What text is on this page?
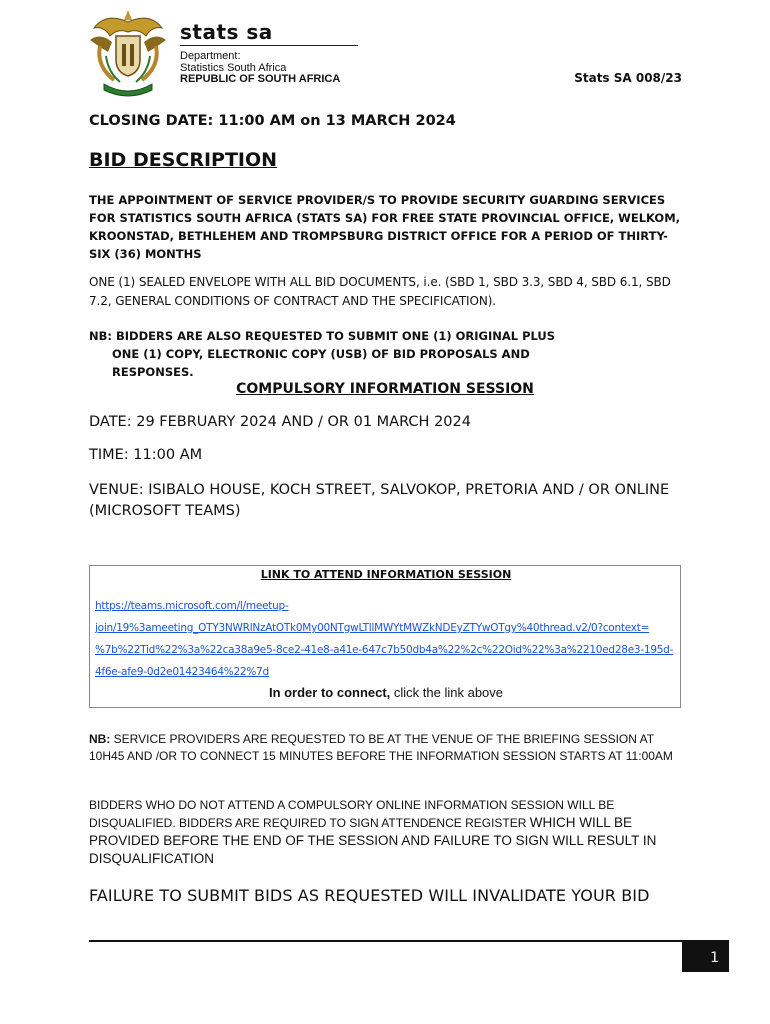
stats sa
Department:
Statistics South Africa
REPUBLIC OF SOUTH AFRICA	Stats SA 008/23
CLOSING DATE: 11:00 AM on 13 MARCH 2024
BID DESCRIPTION
THE APPOINTMENT OF SERVICE PROVIDER/S TO PROVIDE SECURITY GUARDING SERVICES FOR STATISTICS SOUTH AFRICA (STATS SA) FOR FREE STATE PROVINCIAL OFFICE, WELKOM, KROONSTAD, BETHLEHEM AND TROMPSBURG DISTRICT OFFICE FOR A PERIOD OF THIRTY-SIX (36) MONTHS
ONE (1) SEALED ENVELOPE WITH ALL BID DOCUMENTS, i.e. (SBD 1, SBD 3.3, SBD 4, SBD 6.1, SBD 7.2, GENERAL CONDITIONS OF CONTRACT AND THE SPECIFICATION).
NB: BIDDERS ARE ALSO REQUESTED TO SUBMIT ONE (1) ORIGINAL PLUS
ONE (1) COPY, ELECTRONIC COPY (USB) OF BID PROPOSALS AND
RESPONSES.
COMPULSORY INFORMATION SESSION
DATE: 29 FEBRUARY 2024 AND / OR 01 MARCH 2024
TIME: 11:00 AM
VENUE: ISIBALO HOUSE, KOCH STREET, SALVOKOP, PRETORIA AND / OR ONLINE (MICROSOFT TEAMS)
LINK TO ATTEND INFORMATION SESSION
https://teams.microsoft.com/l/meetup-
join/19%3ameeting_OTY3NWRlNzAtOTk0My00NTgwLTllMWYtMWZkNDEyZTYwOTgy%40thread.v2/0?context=
%7b%22Tid%22%3a%22ca38a9e5-8ce2-41e8-a41e-647c7b50db4a%22%2c%22Oid%22%3a%2210ed28e3-195d-
4f6e-afe9-0d2e01423464%22%7d
In order to connect, click the link above
NB: SERVICE PROVIDERS ARE REQUESTED TO BE AT THE VENUE OF THE BRIEFING SESSION AT 10H45 AND /OR TO CONNECT 15 MINUTES BEFORE THE INFORMATION SESSION STARTS AT 11:00AM
BIDDERS WHO DO NOT ATTEND A COMPULSORY ONLINE INFORMATION SESSION WILL BE DISQUALIFIED. BIDDERS ARE REQUIRED TO SIGN ATTENDENCE REGISTER WHICH WILL BE PROVIDED BEFORE THE END OF THE SESSION AND FAILURE TO SIGN WILL RESULT IN DISQUALIFICATION
FAILURE TO SUBMIT BIDS AS REQUESTED WILL INVALIDATE YOUR BID
1
